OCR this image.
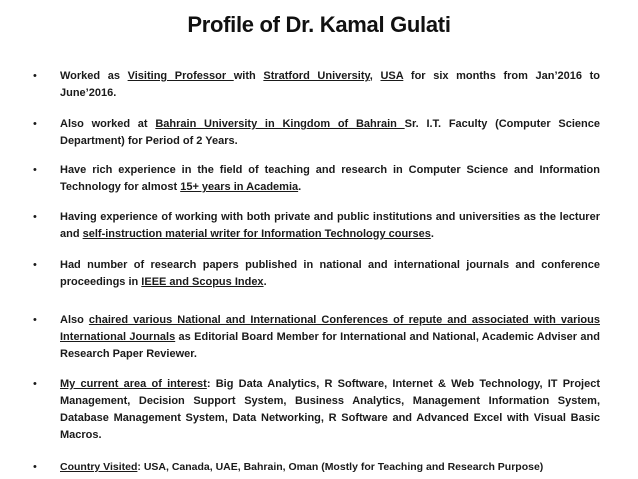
Profile of Dr. Kamal Gulati
• Worked as Visiting Professor with Stratford University, USA for six months from Jan’2016 to June’2016.
• Also worked at Bahrain University in Kingdom of Bahrain Sr. I.T. Faculty (Computer Science Department) for Period of 2 Years.
• Have rich experience in the field of teaching and research in Computer Science and Information Technology for almost 15+ years in Academia.
• Having experience of working with both private and public institutions and universities as the lecturer and self-instruction material writer for Information Technology courses.
• Had number of research papers published in national and international journals and conference proceedings in IEEE and Scopus Index.
• Also chaired various National and International Conferences of repute and associated with various International Journals as Editorial Board Member for International and National, Academic Adviser and Research Paper Reviewer.
• My current area of interest: Big Data Analytics, R Software, Internet & Web Technology, IT Project Management, Decision Support System, Business Analytics, Management Information System, Database Management System, Data Networking, R Software and Advanced Excel with Visual Basic Macros.
• Country Visited: USA, Canada, UAE, Bahrain, Oman (Mostly for Teaching and Research Purpose)
